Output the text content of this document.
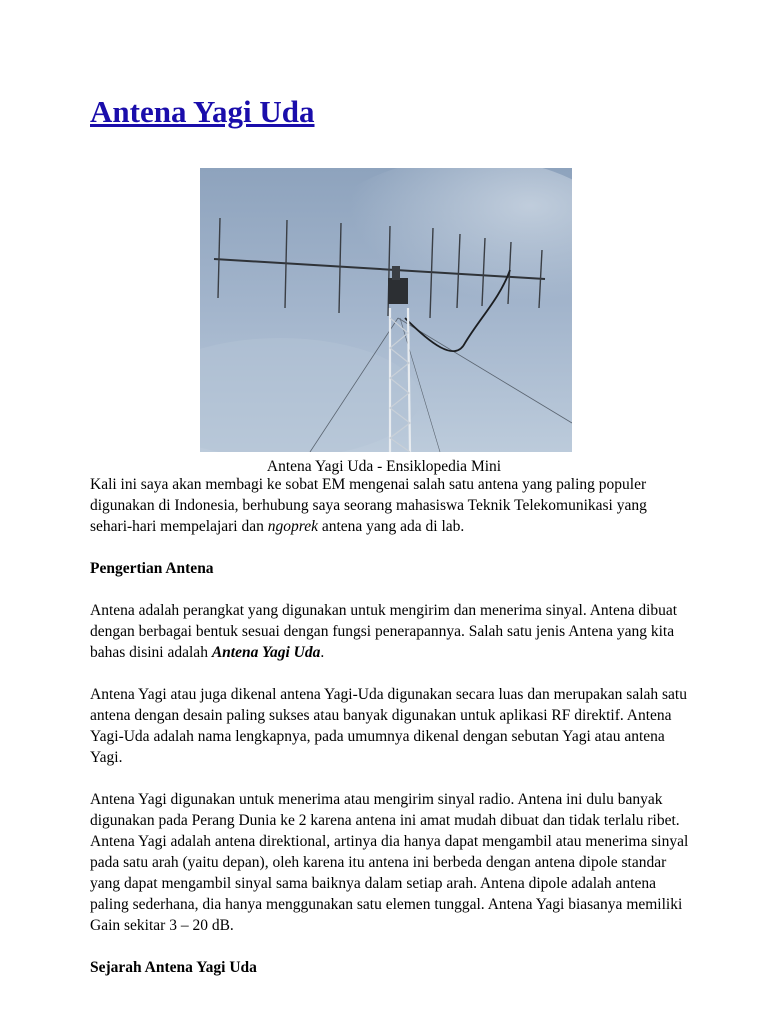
Antena Yagi Uda
Antena Yagi Uda - Ensiklopedia Mini

Kali ini saya akan membagi ke sobat EM mengenai salah satu antena yang paling populer digunakan di Indonesia, berhubung saya seorang mahasiswa Teknik Telekomunikasi yang sehari-hari mempelajari dan ngoprek antena yang ada di lab.

Pengertian Antena

Antena adalah perangkat yang digunakan untuk mengirim dan menerima sinyal. Antena dibuat dengan berbagai bentuk sesuai dengan fungsi penerapannya. Salah satu jenis Antena yang kita bahas disini adalah Antena Yagi Uda.

Antena Yagi atau juga dikenal antena Yagi-Uda digunakan secara luas dan merupakan salah satu antena dengan desain paling sukses atau banyak digunakan untuk aplikasi RF direktif. Antena Yagi-Uda adalah nama lengkapnya, pada umumnya dikenal dengan sebutan Yagi atau antena Yagi.

Antena Yagi digunakan untuk menerima atau mengirim sinyal radio. Antena ini dulu banyak digunakan pada Perang Dunia ke 2 karena antena ini amat mudah dibuat dan tidak terlalu ribet. Antena Yagi adalah antena direktional, artinya dia hanya dapat mengambil atau menerima sinyal pada satu arah (yaitu depan), oleh karena itu antena ini berbeda dengan antena dipole standar yang dapat mengambil sinyal sama baiknya dalam setiap arah. Antena dipole adalah antena paling sederhana, dia hanya menggunakan satu elemen tunggal. Antena Yagi biasanya memiliki Gain sekitar 3 – 20 dB.

Sejarah Antena Yagi Uda
